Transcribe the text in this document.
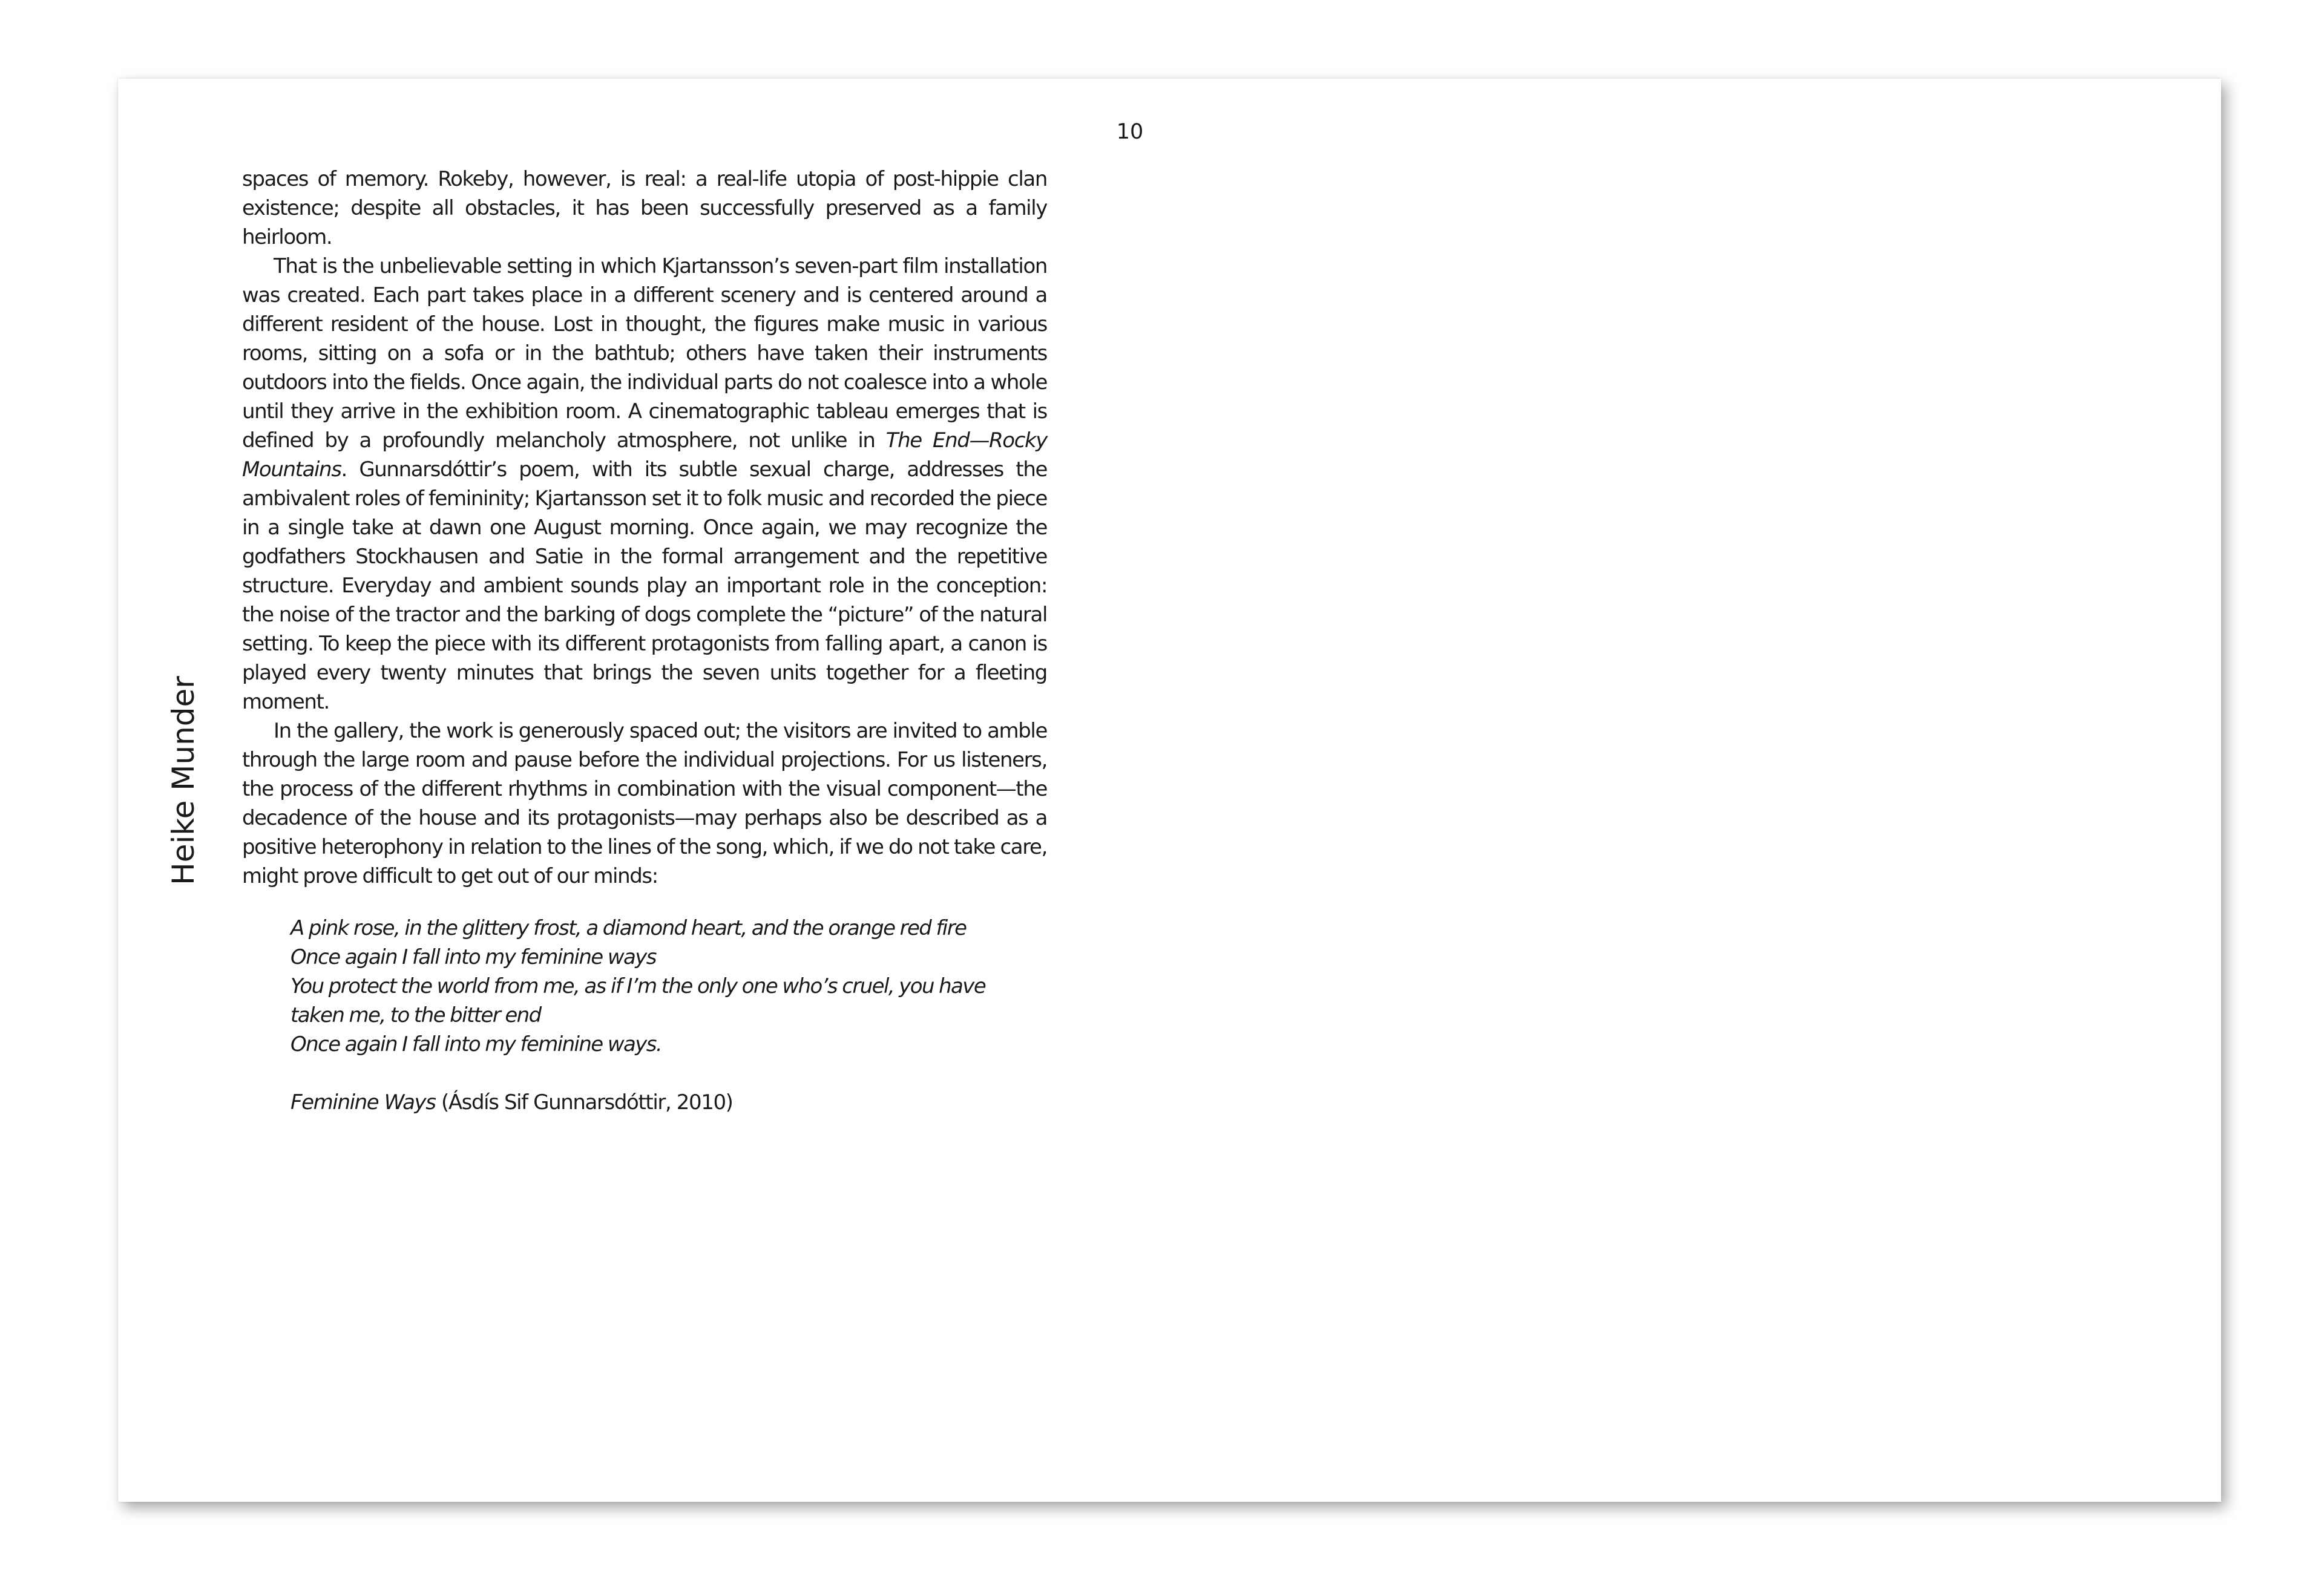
10
Heike Munder

spaces of memory. Rokeby, however, is real: a real-life utopia of post-hippie clan existence; despite all obstacles, it has been successfully preserved as a family heirloom.

That is the unbelievable setting in which Kjartansson’s seven-part film installation was created. Each part takes place in a different scenery and is centered around a different resident of the house. Lost in thought, the figures make music in various rooms, sitting on a sofa or in the bathtub; others have taken their instruments outdoors into the fields. Once again, the individual parts do not coalesce into a whole until they arrive in the exhibition room. A cinematographic tableau emerges that is defined by a profoundly melancholy atmosphere, not unlike in The End—Rocky Mountains. Gunnarsdóttir’s poem, with its subtle sexual charge, addresses the ambivalent roles of femininity; Kjartansson set it to folk music and recorded the piece in a single take at dawn one August morning. Once again, we may recognize the godfathers Stockhausen and Satie in the formal arrangement and the repetitive structure. Everyday and ambient sounds play an important role in the conception: the noise of the tractor and the barking of dogs complete the “picture” of the natural setting. To keep the piece with its different protagonists from falling apart, a canon is played every twenty minutes that brings the seven units together for a fleeting moment.

In the gallery, the work is generously spaced out; the visitors are invited to amble through the large room and pause before the individual projections. For us listeners, the process of the different rhythms in combination with the visual component—the decadence of the house and its protagonists—may perhaps also be described as a positive heterophony in relation to the lines of the song, which, if we do not take care, might prove difficult to get out of our minds:

A pink rose, in the glittery frost, a diamond heart, and the orange red fire
Once again I fall into my feminine ways
You protect the world from me, as if I’m the only one who’s cruel, you have
taken me, to the bitter end
Once again I fall into my feminine ways.
Feminine Ways (Ásdís Sif Gunnarsdóttir, 2010)
